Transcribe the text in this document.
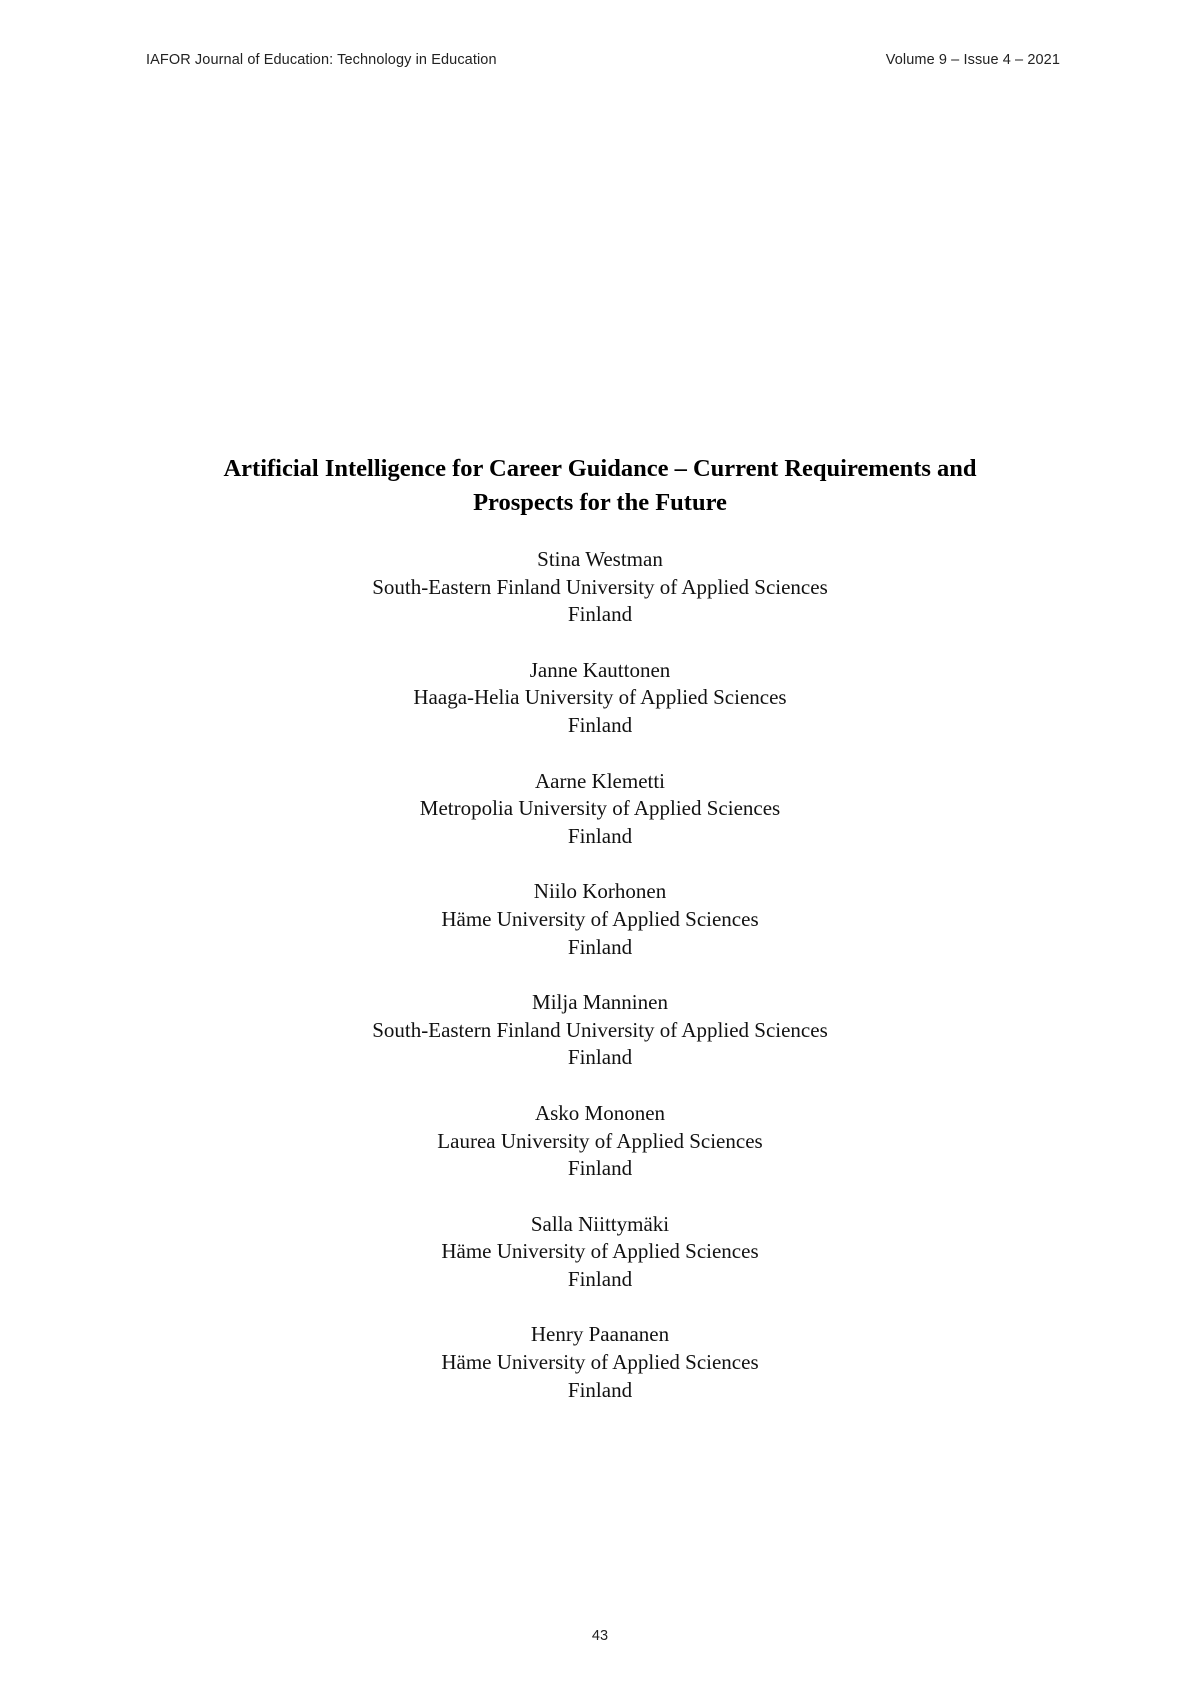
IAFOR Journal of Education: Technology in Education	Volume 9 – Issue 4 – 2021
Artificial Intelligence for Career Guidance – Current Requirements and
Prospects for the Future
Stina Westman
South-Eastern Finland University of Applied Sciences
Finland
Janne Kauttonen
Haaga-Helia University of Applied Sciences
Finland
Aarne Klemetti
Metropolia University of Applied Sciences
Finland
Niilo Korhonen
Häme University of Applied Sciences
Finland
Milja Manninen
South-Eastern Finland University of Applied Sciences
Finland
Asko Mononen
Laurea University of Applied Sciences
Finland
Salla Niittymäki
Häme University of Applied Sciences
Finland
Henry Paananen
Häme University of Applied Sciences
Finland
43
